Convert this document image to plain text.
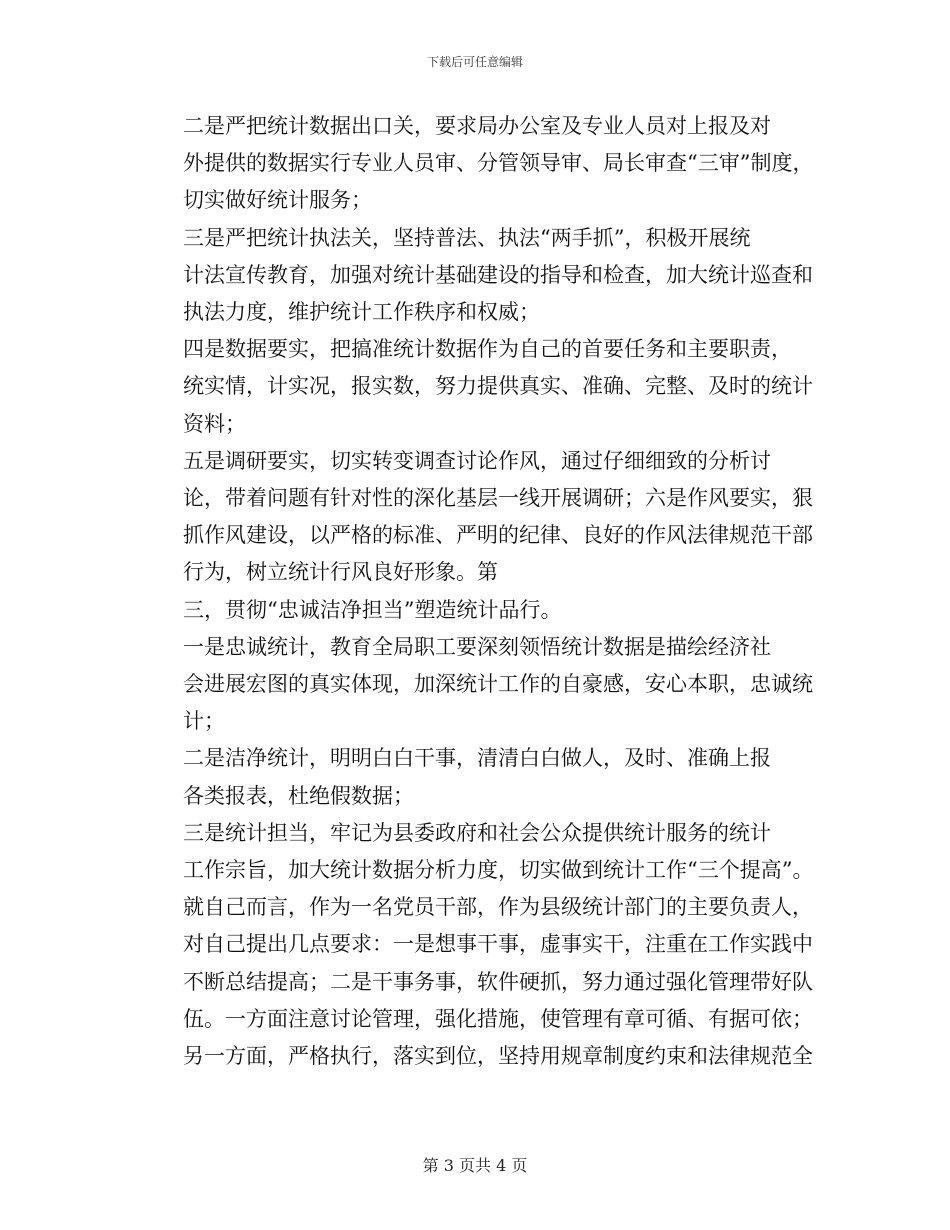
下载后可任意编辑

二是严把统计数据出口关，要求局办公室及专业人员对上报及对
外提供的数据实行专业人员审、分管领导审、局长审查“三审”制度，
切实做好统计服务；

三是严把统计执法关，坚持普法、执法“两手抓”，积极开展统
计法宣传教育，加强对统计基础建设的指导和检查，加大统计巡查和
执法力度，维护统计工作秩序和权威；

四是数据要实，把搞准统计数据作为自己的首要任务和主要职责，
统实情，计实况，报实数，努力提供真实、准确、完整、及时的统计
资料；

五是调研要实，切实转变调查讨论作风，通过仔细细致的分析讨
论，带着问题有针对性的深化基层一线开展调研；六是作风要实，狠
抓作风建设，以严格的标准、严明的纪律、良好的作风法律规范干部
行为，树立统计行风良好形象。第

三，贯彻“忠诚洁净担当”塑造统计品行。

一是忠诚统计，教育全局职工要深刻领悟统计数据是描绘经济社
会进展宏图的真实体现，加深统计工作的自豪感，安心本职，忠诚统
计；

二是洁净统计，明明白白干事，清清白白做人，及时、准确上报
各类报表，杜绝假数据；

三是统计担当，牢记为县委政府和社会公众提供统计服务的统计
工作宗旨，加大统计数据分析力度，切实做到统计工作“三个提高”。
就自己而言，作为一名党员干部，作为县级统计部门的主要负责人，
对自己提出几点要求：一是想事干事，虚事实干，注重在工作实践中
不断总结提高；二是干事务事，软件硬抓，努力通过强化管理带好队
伍。一方面注意讨论管理，强化措施，使管理有章可循、有据可依；
另一方面，严格执行，落实到位，坚持用规章制度约束和法律规范全

第 3 页共 4 页
